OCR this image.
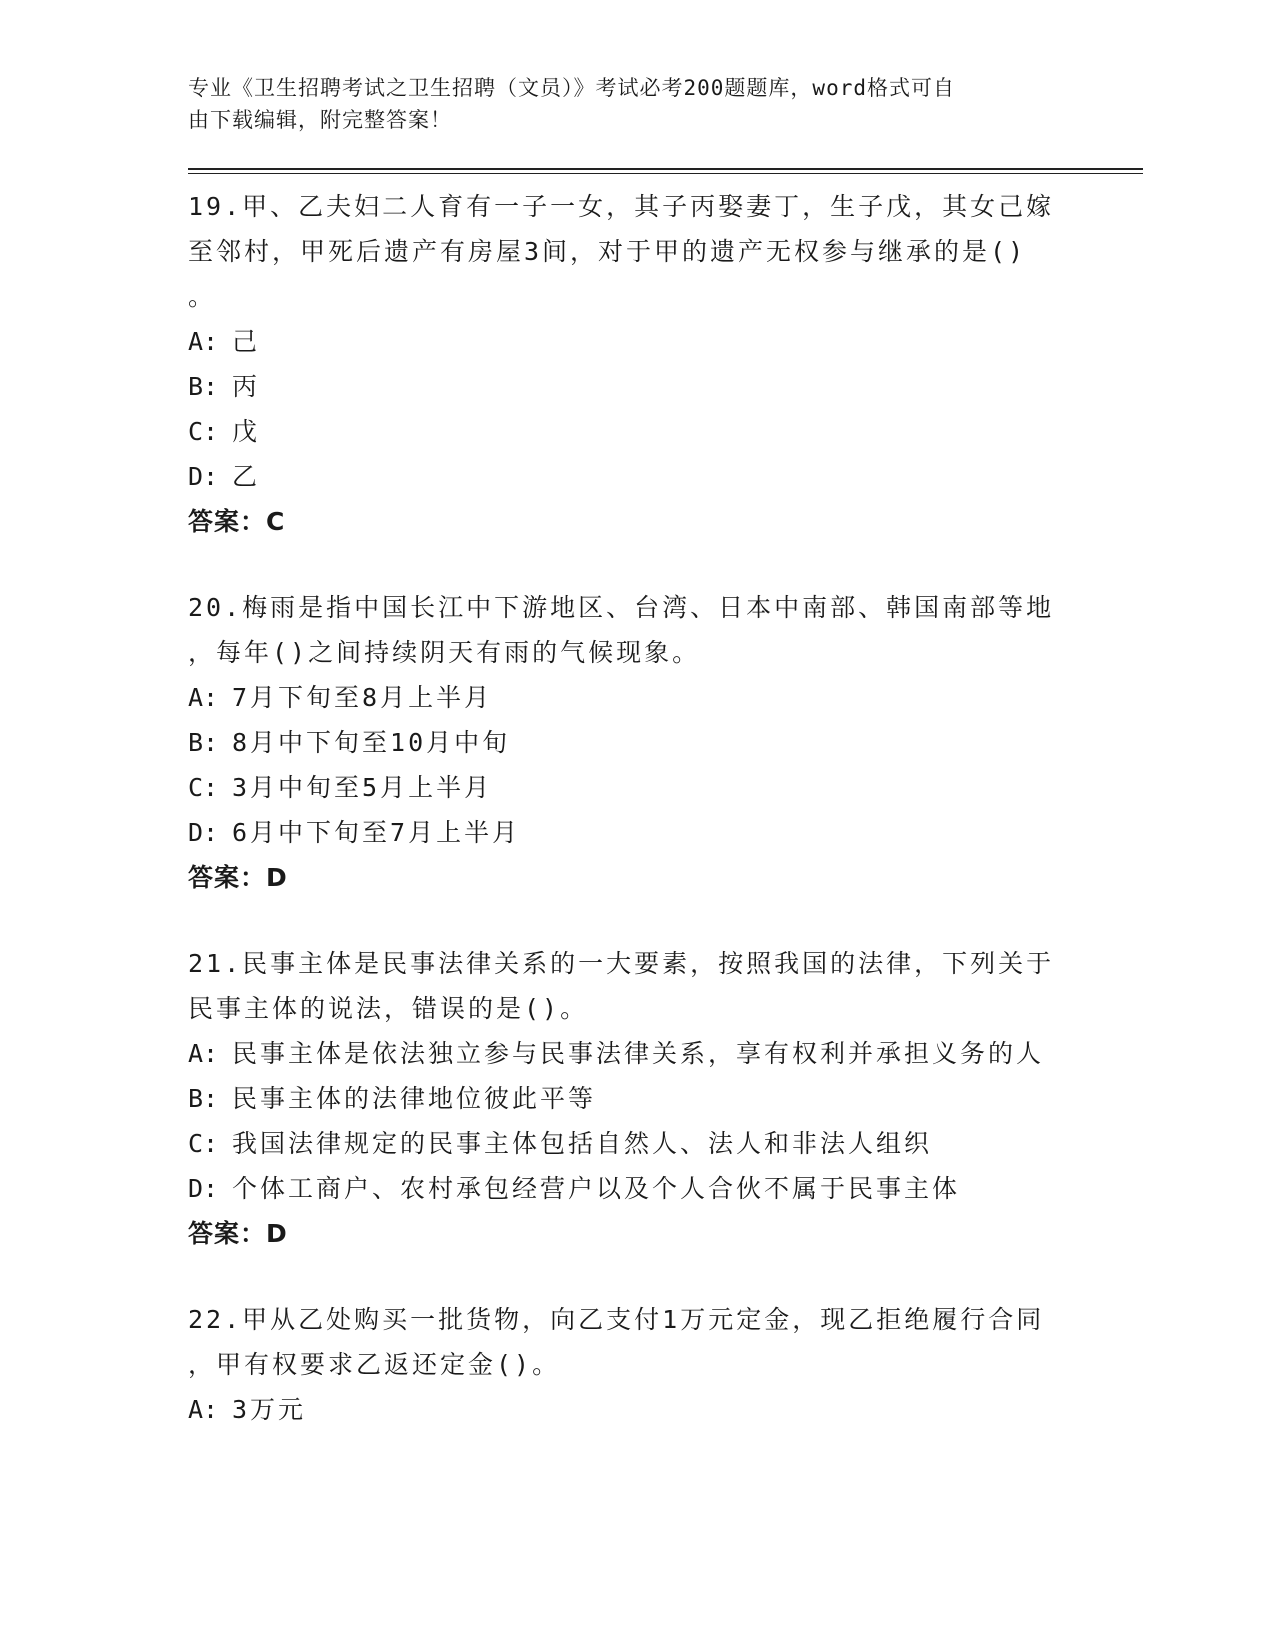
专业《卫生招聘考试之卫生招聘（文员）》考试必考200题题库，word格式可自

由下载编辑，附完整答案！

19.甲、乙夫妇二人育有一子一女，其子丙娶妻丁，生子戊，其女己嫁

至邻村，甲死后遗产有房屋3间，对于甲的遗产无权参与继承的是()

。

A: 己

B: 丙

C: 戊

D: 乙

答案：C

20.梅雨是指中国长江中下游地区、台湾、日本中南部、韩国南部等地

，每年()之间持续阴天有雨的气候现象。

A: 7月下旬至8月上半月

B: 8月中下旬至10月中旬

C: 3月中旬至5月上半月

D: 6月中下旬至7月上半月

答案：D

21.民事主体是民事法律关系的一大要素，按照我国的法律，下列关于

民事主体的说法，错误的是()。

A: 民事主体是依法独立参与民事法律关系，享有权利并承担义务的人

B: 民事主体的法律地位彼此平等

C: 我国法律规定的民事主体包括自然人、法人和非法人组织

D: 个体工商户、农村承包经营户以及个人合伙不属于民事主体

答案：D

22.甲从乙处购买一批货物，向乙支付1万元定金，现乙拒绝履行合同

，甲有权要求乙返还定金()。

A: 3万元
